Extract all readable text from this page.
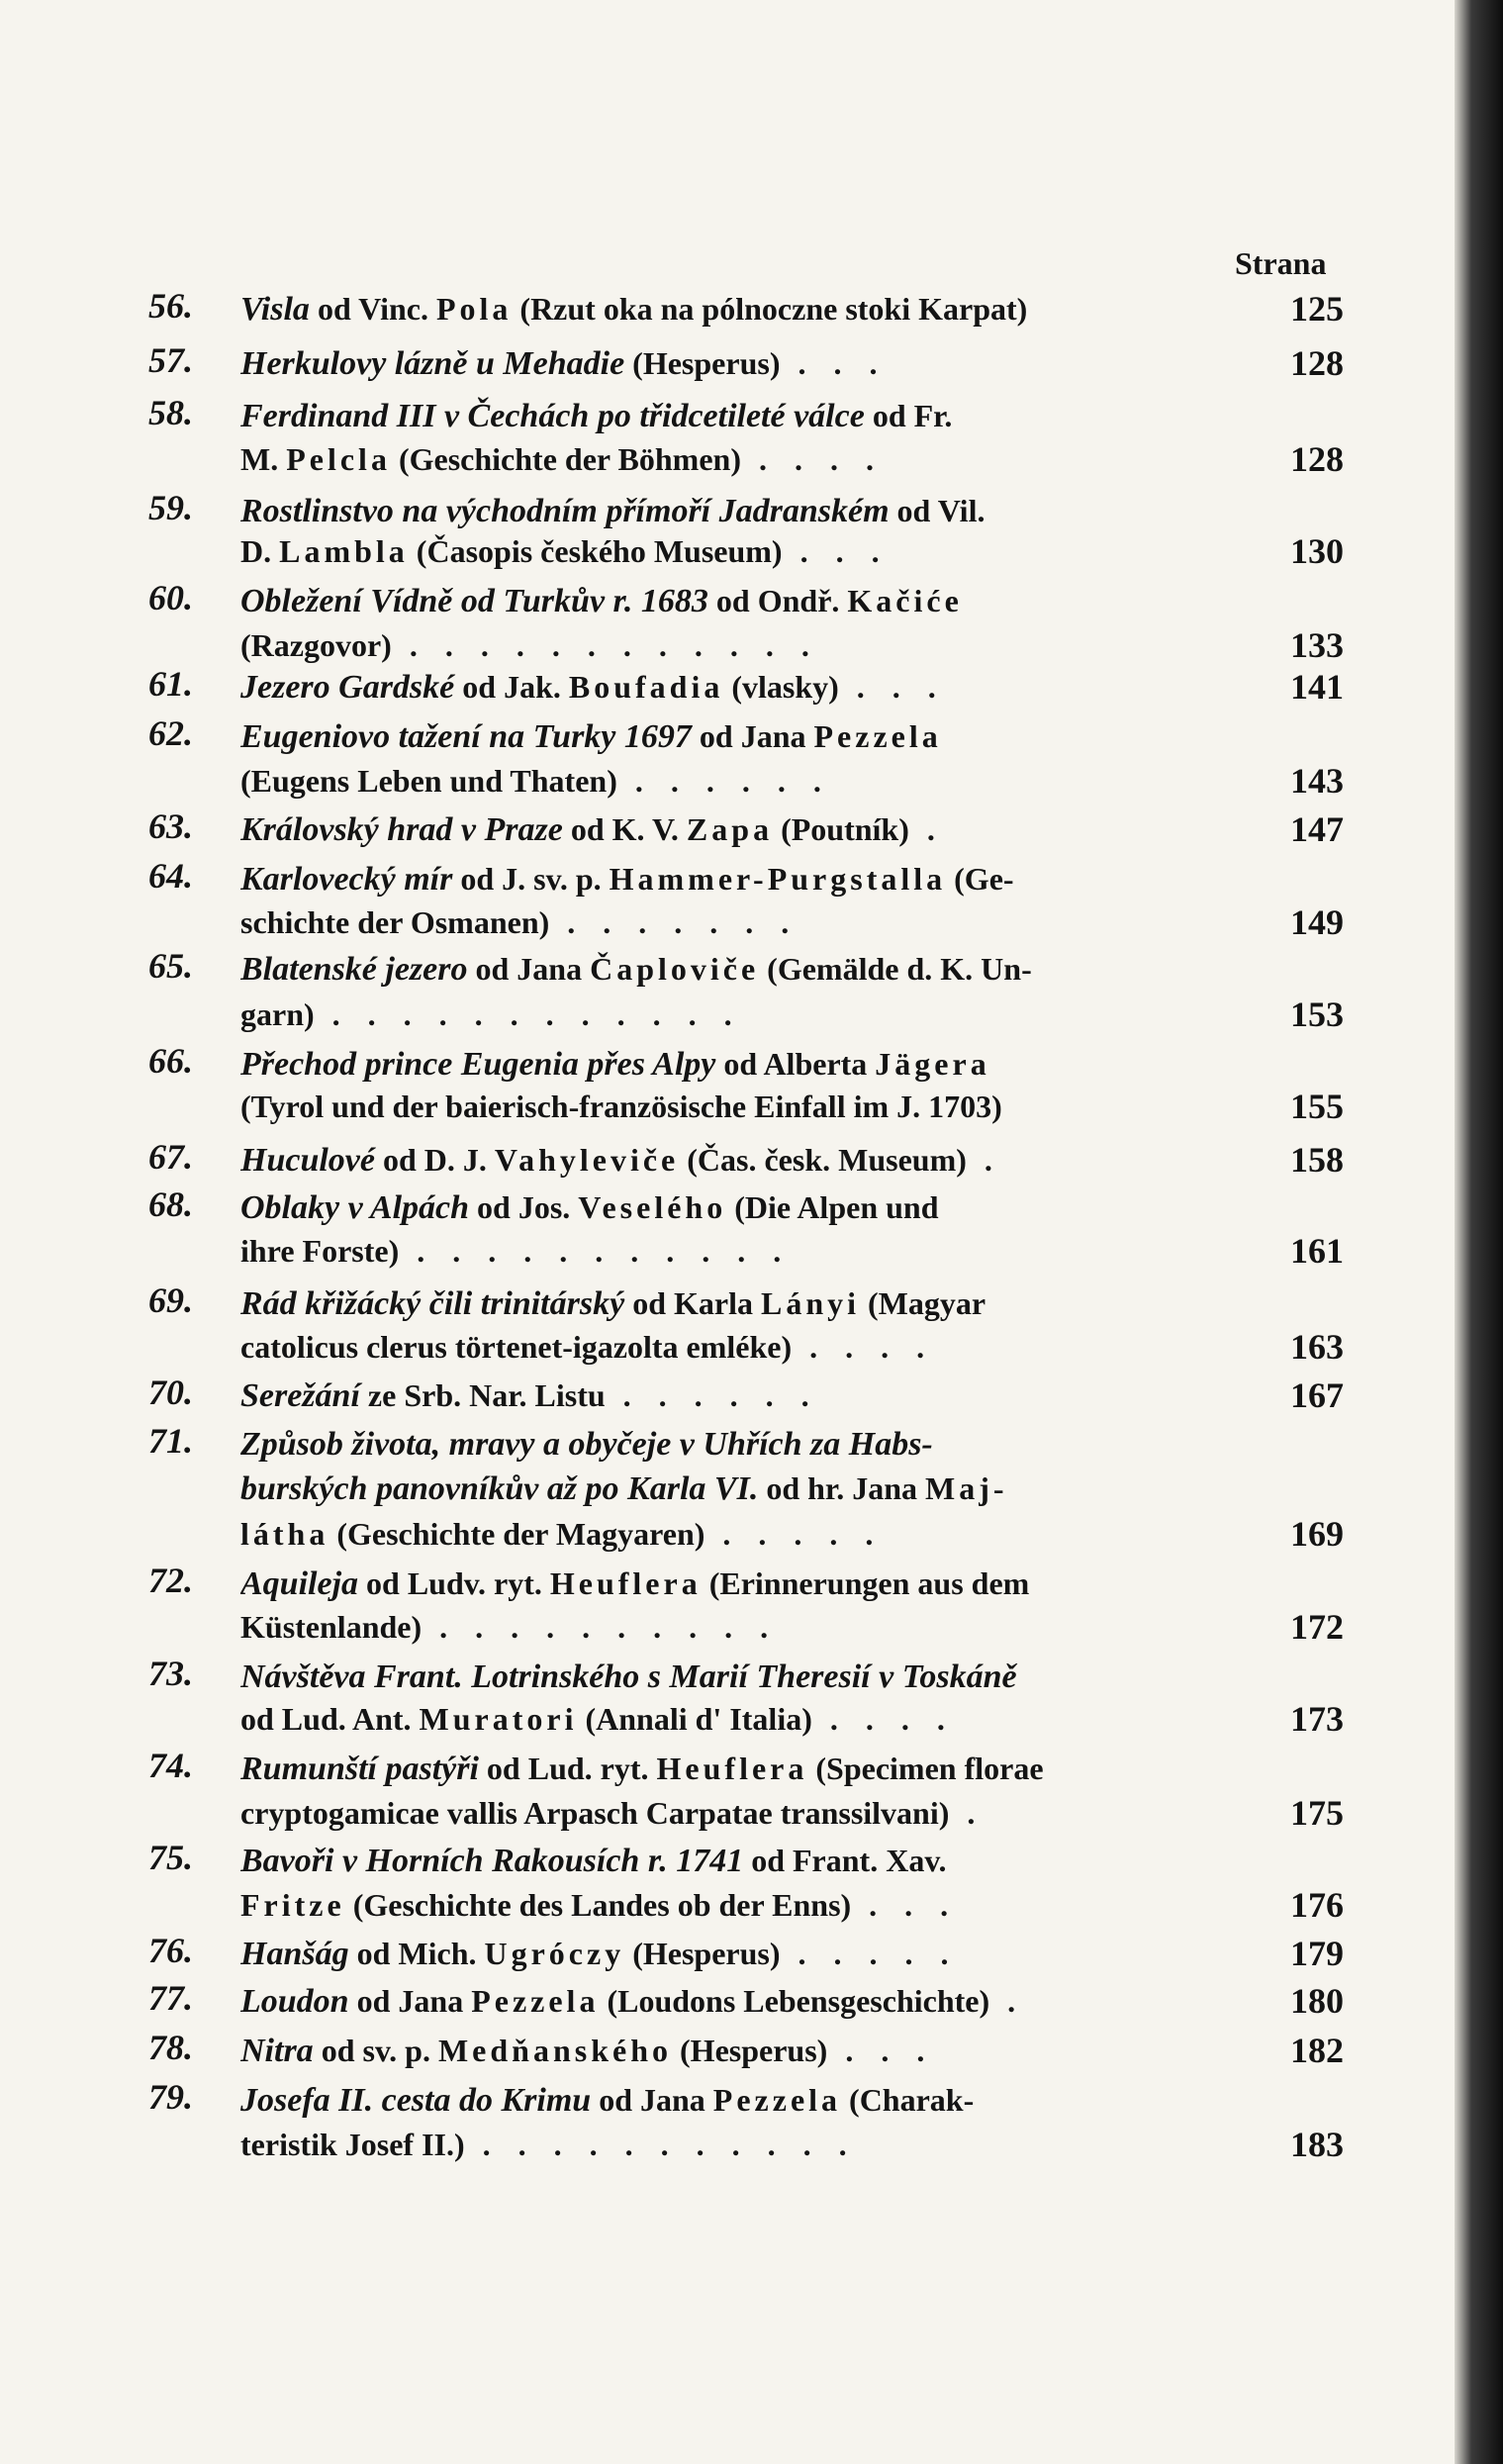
Strana
56.	Visla od Vinc. Pola (Rzut oka na pólnoczne stoki Karpat)	125
57.	Herkulovy lázně u Mehadie (Hesperus) . . .	128
58.	Ferdinand III v Čechách po třidcetileté válce od Fr.
M. Pelcla (Geschichte der Böhmen) . . . .	128
59.	Rostlinstvo na východním přímoří Jadranském od Vil.
D. Lambla (Časopis českého Museum) . . .	130
60.	Obležení Vídně od Turkův r. 1683 od Ondř. Kačiće
(Razgovor) . . . . . . . . . . . .	133
61.	Jezero Gardské od Jak. Boufadia (vlasky) . . .	141
62.	Eugeniovo tažení na Turky 1697 od Jana Pezzela
(Eugens Leben und Thaten) . . . . . .	143
63.	Královský hrad v Praze od K. V. Zapa (Poutník) .	147
64.	Karlovecký mír od J. sv. p. Hammer-Purgstalla (Ge-
schichte der Osmanen) . . . . . . .	149
65.	Blatenské jezero od Jana Čaploviče (Gemälde d. K. Un-
garn) . . . . . . . . . . . .	153
66.	Přechod prince Eugenia přes Alpy od Alberta Jägera
(Tyrol und der baierisch-französische Einfall im J. 1703)	155
67.	Huculové od D. J. Vahyleviče (Čas. česk. Museum) .	158
68.	Oblaky v Alpách od Jos. Veselého (Die Alpen und
ihre Forste) . . . . . . . . . . .	161
69.	Rád křižácký čili trinitárský od Karla Lányi (Magyar
catolicus clerus törtenet-igazolta emléke) . . . .	163
70.	Serežání ze Srb. Nar. Listu . . . . . .	167
71.	Způsob života, mravy a obyčeje v Uhřích za Habs-
burských panovníkův až po Karla VI. od hr. Jana Maj-
látha (Geschichte der Magyaren) . . . . .	169
72.	Aquileja od Ludv. ryt. Heuflera (Erinnerungen aus dem
Küstenlande) . . . . . . . . . .	172
73.	Návštěva Frant. Lotrinského s Marií Theresií v Toskáně
od Lud. Ant. Muratori (Annali d' Italia) . . . .	173
74.	Rumunští pastýři od Lud. ryt. Heuflera (Specimen florae
cryptogamicae vallis Arpasch Carpatae transsilvani) .	175
75.	Bavoři v Horních Rakousích r. 1741 od Frant. Xav.
Fritze (Geschichte des Landes ob der Enns) . . .	176
76.	Hanšág od Mich. Ugróczy (Hesperus) . . . . .	179
77.	Loudon od Jana Pezzela (Loudons Lebensgeschichte) .	180
78.	Nitra od sv. p. Medňanského (Hesperus) . . .	182
79.	Josefa II. cesta do Krimu od Jana Pezzela (Charak-
teristik Josef II.) . . . . . . . . . . .	183
